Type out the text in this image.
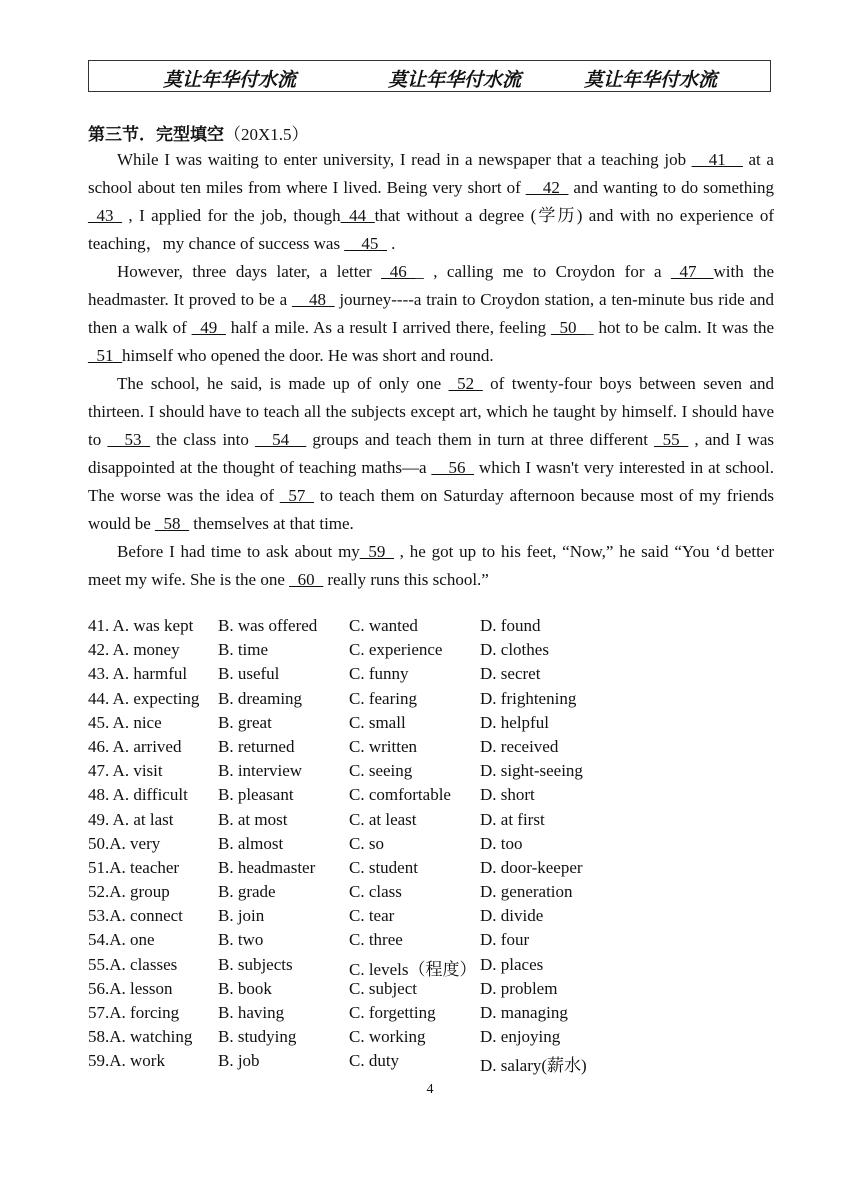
莫让年华付水流	莫让年华付水流	莫让年华付水流
第三节．完型填空（20X1.5）

While I was waiting to enter university, I read in a newspaper that a teaching job __41__ at a school about ten miles from where I lived. Being very short of __42_ and wanting to do something _43_ , I applied for the job, though_44_that without a degree (学历) and with no experience of teaching，my chance of success was __45_ .

However, three days later, a letter _46__ , calling me to Croydon for a _47__with the headmaster. It proved to be a __48_ journey----a train to Croydon station, a ten-minute bus ride and then a walk of _49_ half a mile. As a result I arrived there, feeling _50__ hot to be calm. It was the _51_himself who opened the door. He was short and round.

The school, he said, is made up of only one _52_ of twenty-four boys between seven and thirteen. I should have to teach all the subjects except art, which he taught by himself. I should have to __53_ the class into __54__ groups and teach them in turn at three different _55_ , and I was disappointed at the thought of teaching maths—a __56_ which I wasn't very interested in at school. The worse was the idea of _57_ to teach them on Saturday afternoon because most of my friends would be _58_ themselves at that time.

Before I had time to ask about my_59_ , he got up to his feet, “Now,” he said “You ‘d better meet my wife. She is the one _60_ really runs this school.”

41. A. was kept B. was offered C. wanted	D. found
42. A. money B. time	C. experience D. clothes
43. A. harmful B. useful	C. funny	D. secret
44. A. expecting B. dreaming	C. fearing	D. frightening
45. A. nice	B. great	C. small	D. helpful
46. A. arrived B. returned	C. written	D. received
47. A. visit	B. interview	C. seeing	D. sight-seeing
48. A. difficult B. pleasant	C. comfortable D. short
49. A. at last	B. at most	C. at least	D. at first
50.A. very	B. almost	C. so	D. too
51.A. teacher B. headmaster C. student	D. door-keeper
52.A. group	B. grade	C. class	D. generation
53.A. connect B. join	C. tear	D. divide
54.A. one	B. two	C. three	D. four
55.A. classes B. subjects	C. levels（程度） D. places
56.A. lesson	B. book	C. subject	D. problem
57.A. forcing B. having	C. forgetting	D. managing
58.A. watching B. studying	C. working	D. enjoying
59.A. work	B. job	C. duty	D. salary(薪水)
4
